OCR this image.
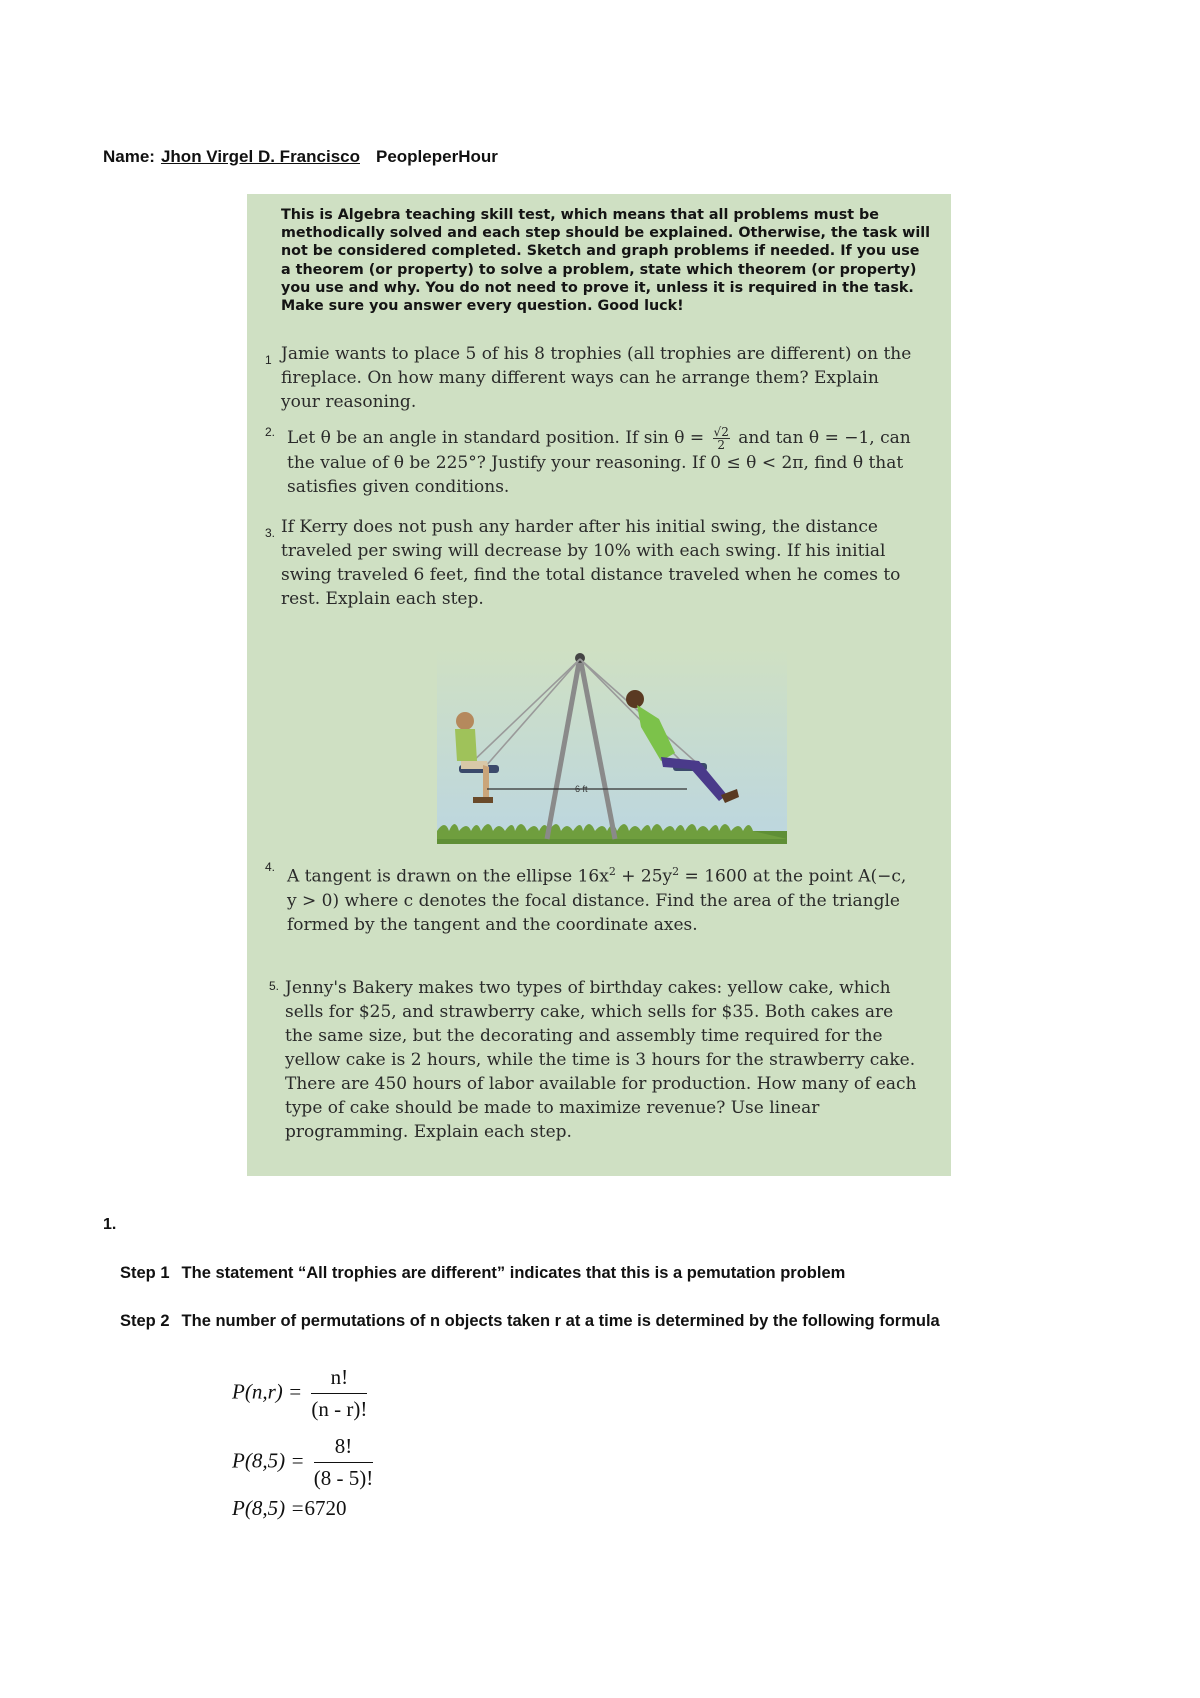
Name: Jhon Virgel D. Francisco PeopleperHour
This is Algebra teaching skill test, which means that all problems must be methodically solved and each step should be explained. Otherwise, the task will not be considered completed. Sketch and graph problems if needed. If you use a theorem (or property) to solve a problem, state which theorem (or property) you use and why. You do not need to prove it, unless it is required in the task. Make sure you answer every question. Good luck!
1 Jamie wants to place 5 of his 8 trophies (all trophies are different) on the fireplace. On how many different ways can he arrange them? Explain your reasoning.
2. Let θ be an angle in standard position. If $\sin \theta = \frac{√2}{2}$ and tan θ = −1, can the value of θ be 225°? Justify your reasoning. If 0 ≤ θ < 2π, find θ that satisfies given conditions.
3. If Kerry does not push any harder after his initial swing, the distance traveled per swing will decrease by 10% with each swing. If his initial swing traveled 6 feet, find the total distance traveled when he comes to rest. Explain each step.
6 ft
4. A tangent is drawn on the ellipse $16x^2 + 25y^2 = 1600$ at the point A(−c, y > 0) where c denotes the focal distance. Find the area of the triangle formed by the tangent and the coordinate axes.
5. Jenny's Bakery makes two types of birthday cakes: yellow cake, which sells for $25, and strawberry cake, which sells for $35. Both cakes are the same size, but the decorating and assembly time required for the yellow cake is 2 hours, while the time is 3 hours for the strawberry cake. There are 450 hours of labor available for production. How many of each type of cake should be made to maximize revenue? Use linear programming. Explain each step.
1.
Step 1 The statement “All trophies are different” indicates that this is a pemutation problem
Step 2 The number of permutations of n objects taken r at a time is determined by the following formula
$P(n,r) = \frac{n!}{(n - r)!}$
$P(8,5) = \frac{8!}{(8 - 5)!}$
P(8,5) =6720
